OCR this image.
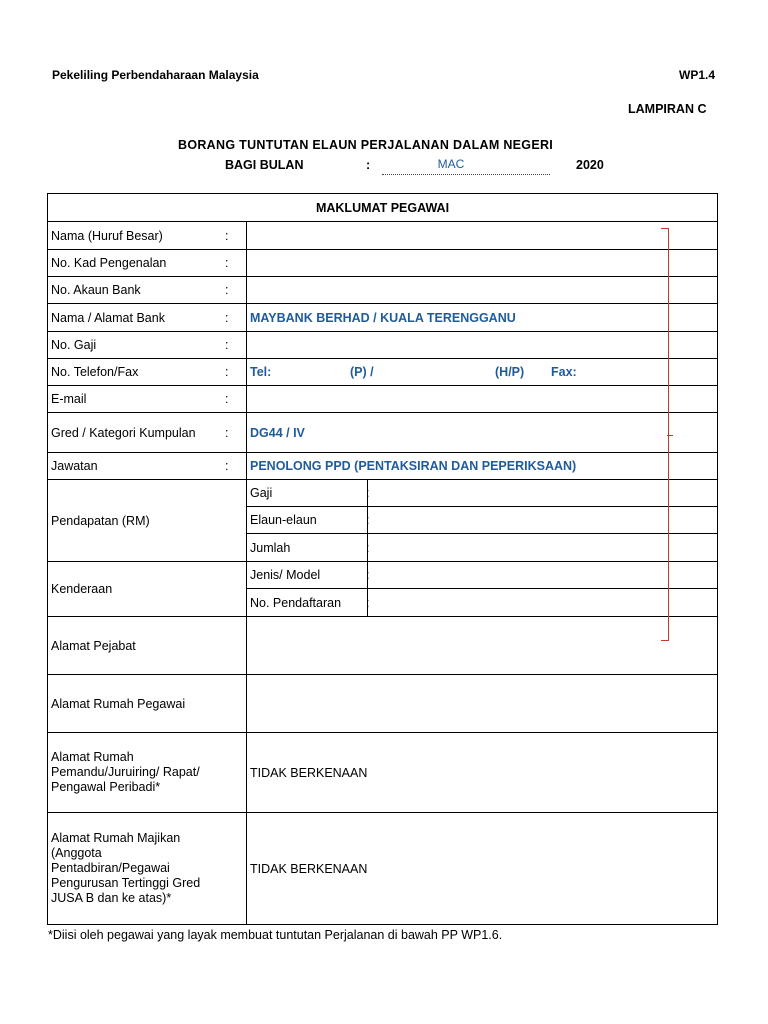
Pekeliling Perbendaharaan Malaysia	WP1.4
LAMPIRAN C
BORANG TUNTUTAN ELAUN PERJALANAN DALAM NEGERI
BAGI BULAN	:	MAC	2020
MAKLUMAT PEGAWAI		
Nama (Huruf Besar) :		

No. Kad Pengenalan :		

No. Akaun Bank :		

Nama / Alamat Bank :	MAYBANK BERHAD / KUALA TERENGGANU	
No. Gaji :		

No. Telefon/Fax :	Tel: (P) / (H/P) Fax:	

E-mail :		

Gred / Kategori Kumpulan :	DG44 / IV	
Jawatan :	PENOLONG PPD (PENTAKSIRAN DAN PEPERIKSAAN)	
Pendapatan (RM)	Gaji :	

	Elaun-elaun :	

	Jumlah :	

Kenderaan	Jenis/ Model :	

	No. Pendaftaran :	

Alamat Pejabat		
Alamat Rumah Pegawai		

Alamat Rumah
Pemandu/Juruiring/ Rapat/
Pengawal Peribadi*	TIDAK BERKENAAN	

Alamat Rumah Majikan
(Anggota
Pentadbiran/Pegawai
Pengurusan Tertinggi Gred
JUSA B dan ke atas)*	TIDAK BERKENAAN	
*Diisi oleh pegawai yang layak membuat tuntutan Perjalanan di bawah PP WP1.6.
